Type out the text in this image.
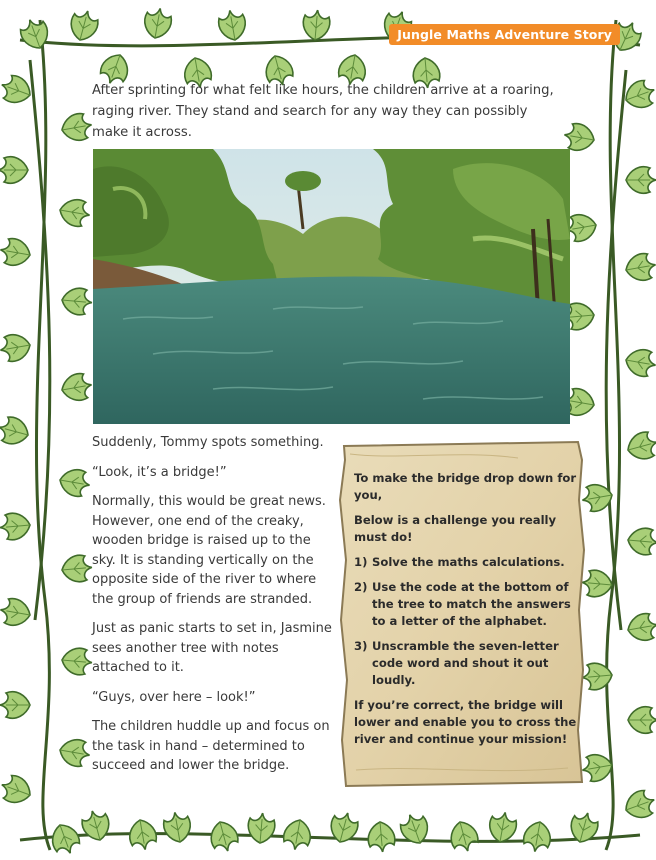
Jungle Maths Adventure Story

After sprinting for what felt like hours, the children arrive at a roaring, raging river. They stand and search for any way they can possibly make it across.

Suddenly, Tommy spots something.

“Look, it’s a bridge!”

Normally, this would be great news. However, one end of the creaky, wooden bridge is raised up to the sky. It is standing vertically on the opposite side of the river to where the group of friends are stranded.

Just as panic starts to set in, Jasmine sees another tree with notes attached to it.

“Guys, over here – look!”

The children huddle up and focus on the task in hand – determined to succeed and lower the bridge.

To make the bridge drop down for you,

Below is a challenge you really must do!

1) Solve the maths calculations.
2) Use the code at the bottom of the tree to match the answers to a letter of the alphabet.
3) Unscramble the seven-letter code word and shout it out loudly.

If you’re correct, the bridge will lower and enable you to cross the river and continue your mission!
